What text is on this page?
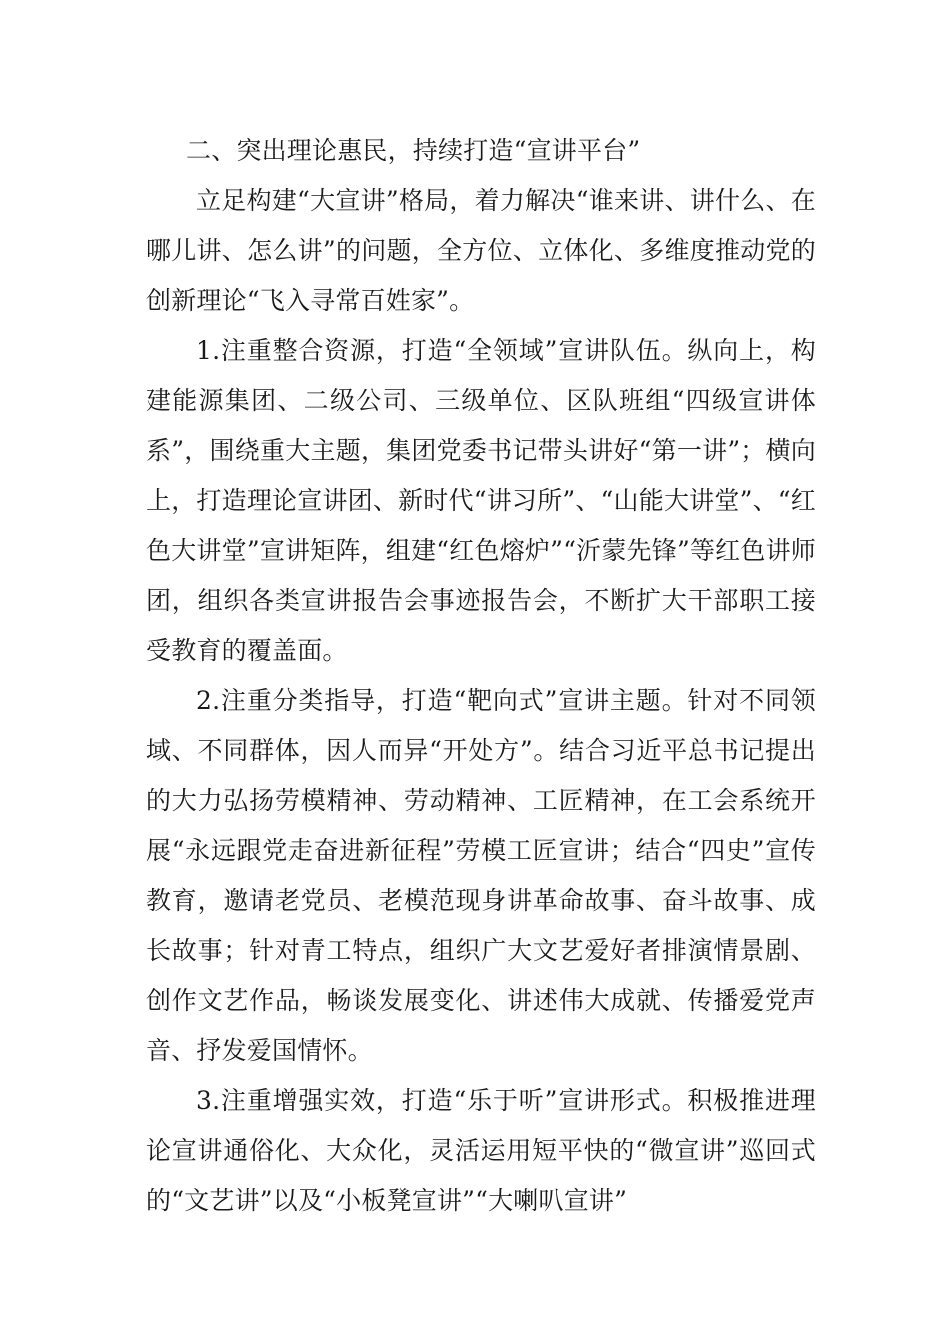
二、突出理论惠民，持续打造“宣讲平台”

立足构建“大宣讲”格局，着力解决“谁来讲、讲什么、在哪儿讲、怎么讲”的问题，全方位、立体化、多维度推动党的创新理论“飞入寻常百姓家”。

1.注重整合资源，打造“全领域”宣讲队伍。纵向上，构建能源集团、二级公司、三级单位、区队班组“四级宣讲体系”，围绕重大主题，集团党委书记带头讲好“第一讲”；横向上，打造理论宣讲团、新时代“讲习所”、“山能大讲堂”、“红色大讲堂”宣讲矩阵，组建“红色熔炉”“沂蒙先锋”等红色讲师团，组织各类宣讲报告会事迹报告会，不断扩大干部职工接受教育的覆盖面。

2.注重分类指导，打造“靶向式”宣讲主题。针对不同领域、不同群体，因人而异“开处方”。结合习近平总书记提出的大力弘扬劳模精神、劳动精神、工匠精神，在工会系统开展“永远跟党走奋进新征程”劳模工匠宣讲；结合“四史”宣传教育，邀请老党员、老模范现身讲革命故事、奋斗故事、成长故事；针对青工特点，组织广大文艺爱好者排演情景剧、创作文艺作品，畅谈发展变化、讲述伟大成就、传播爱党声音、抒发爱国情怀。

3.注重增强实效，打造“乐于听”宣讲形式。积极推进理论宣讲通俗化、大众化，灵活运用短平快的“微宣讲”巡回式的“文艺讲”以及“小板凳宣讲”“大喇叭宣讲”
